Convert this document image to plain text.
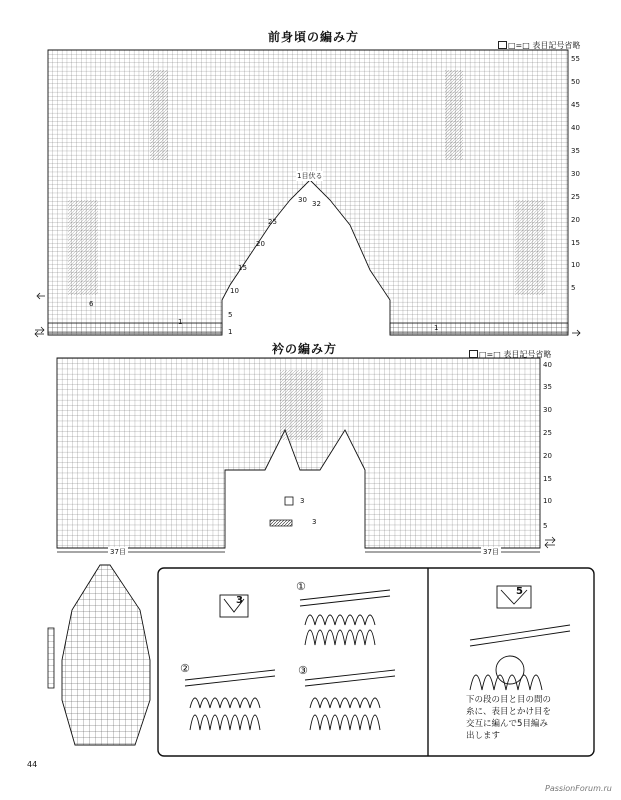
前身頃の編み方
□=□ 表目記号省略
1
5
10
15
20
25
30
35
40
45
50
55
1目伏る
30 32
25
20
15
10
5
6
1
1
衿の編み方	□=□ 表目記号省略
5
10
15
20
25
30
35
40
37目	37目
3
3
3
5
①
②	③
下の段の目と目の間の
糸に、表目とかけ目を
交互に編んで5目編み
出します
44
PassionForum.ru
